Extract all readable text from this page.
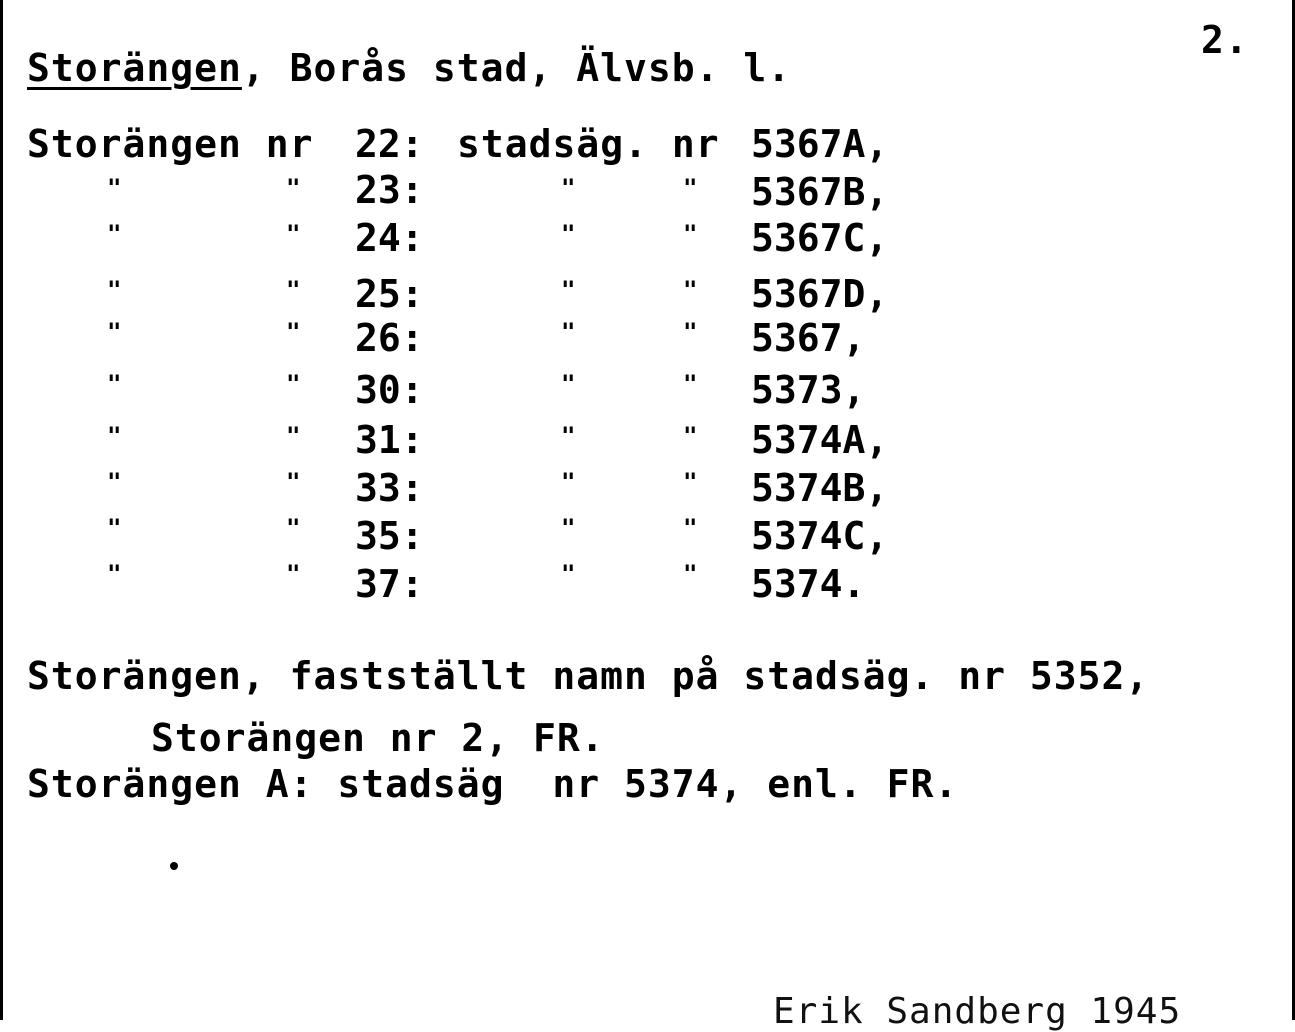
2.
Storängen, Borås stad, Älvsb. l.
Storängen nr 22: stadsäg. nr 5367A,
"	" 23:	"	" 5367B,
"	" 24:	"	" 5367C,
"	" 25:	"	" 5367D,
"	" 26:	"	" 5367,
"	" 30:	"	" 5373,
"	" 31:	"	" 5374A,
"	" 33:	"	" 5374B,
"	" 35:	"	" 5374C,
"	" 37:	"	" 5374.
Storängen, fastställt namn på stadsäg. nr 5352,
Storängen nr 2, FR.
Storängen A: stadsäg  nr 5374, enl. FR.
Erik Sandberg 1945
